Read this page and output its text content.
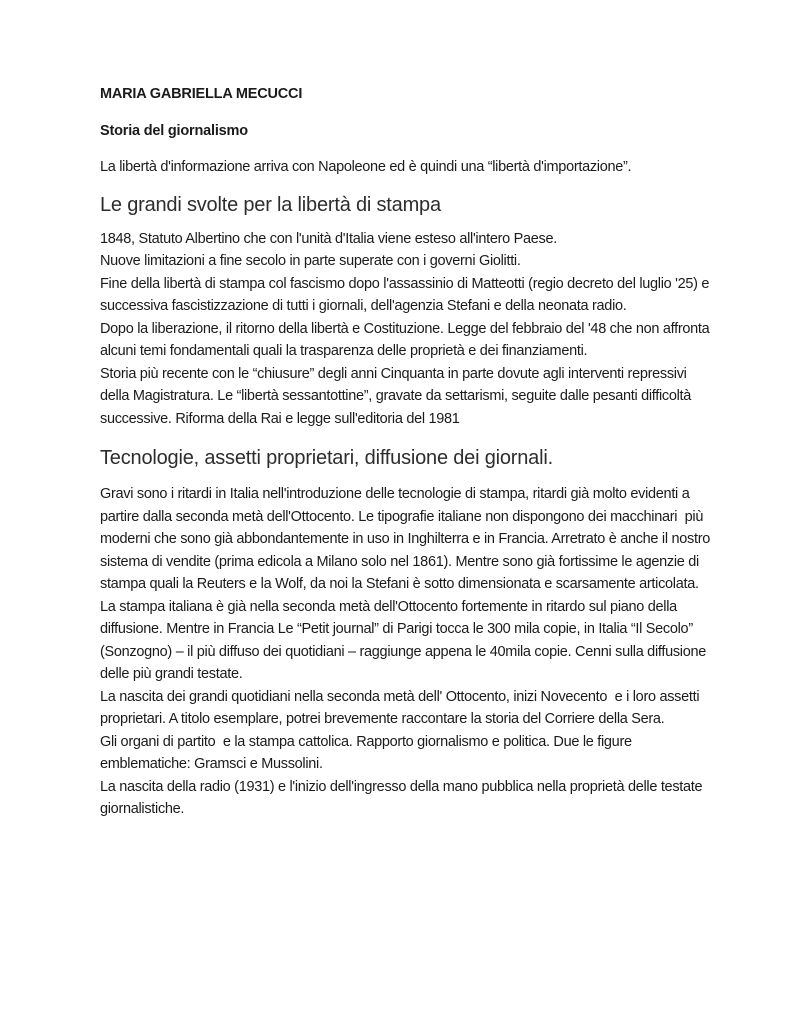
MARIA GABRIELLA MECUCCI

Storia del giornalismo

La libertà d'informazione arriva con Napoleone ed è quindi una “libertà d'importazione”.

Le grandi svolte per la libertà di stampa

1848, Statuto Albertino che con l'unità d'Italia viene esteso all'intero Paese.

Nuove limitazioni a fine secolo in parte superate con i governi Giolitti.

Fine della libertà di stampa col fascismo dopo l'assassinio di Matteotti (regio decreto del luglio '25) e successiva fascistizzazione di tutti i giornali, dell'agenzia Stefani e della neonata radio.

Dopo la liberazione, il ritorno della libertà e Costituzione. Legge del febbraio del '48 che non affronta alcuni temi fondamentali quali la trasparenza delle proprietà e dei finanziamenti.

Storia più recente con le “chiusure” degli anni Cinquanta in parte dovute agli interventi repressivi della Magistratura. Le “libertà sessantottine”, gravate da settarismi, seguite dalle pesanti difficoltà successive. Riforma della Rai e legge sull'editoria del 1981

Tecnologie, assetti proprietari, diffusione dei giornali.

Gravi sono i ritardi in Italia nell'introduzione delle tecnologie di stampa, ritardi già molto evidenti a partire dalla seconda metà dell'Ottocento. Le tipografie italiane non dispongono dei macchinari  più moderni che sono già abbondantemente in uso in Inghilterra e in Francia. Arretrato è anche il nostro sistema di vendite (prima edicola a Milano solo nel 1861). Mentre sono già fortissime le agenzie di stampa quali la Reuters e la Wolf, da noi la Stefani è sotto dimensionata e scarsamente articolata.

La stampa italiana è già nella seconda metà dell'Ottocento fortemente in ritardo sul piano della diffusione. Mentre in Francia Le “Petit journal” di Parigi tocca le 300 mila copie, in Italia “Il Secolo” (Sonzogno) – il più diffuso dei quotidiani – raggiunge appena le 40mila copie. Cenni sulla diffusione delle più grandi testate.

La nascita dei grandi quotidiani nella seconda metà dell' Ottocento, inizi Novecento  e i loro assetti proprietari. A titolo esemplare, potrei brevemente raccontare la storia del Corriere della Sera.

Gli organi di partito  e la stampa cattolica. Rapporto giornalismo e politica. Due le figure emblematiche: Gramsci e Mussolini.

La nascita della radio (1931) e l'inizio dell'ingresso della mano pubblica nella proprietà delle testate giornalistiche.
